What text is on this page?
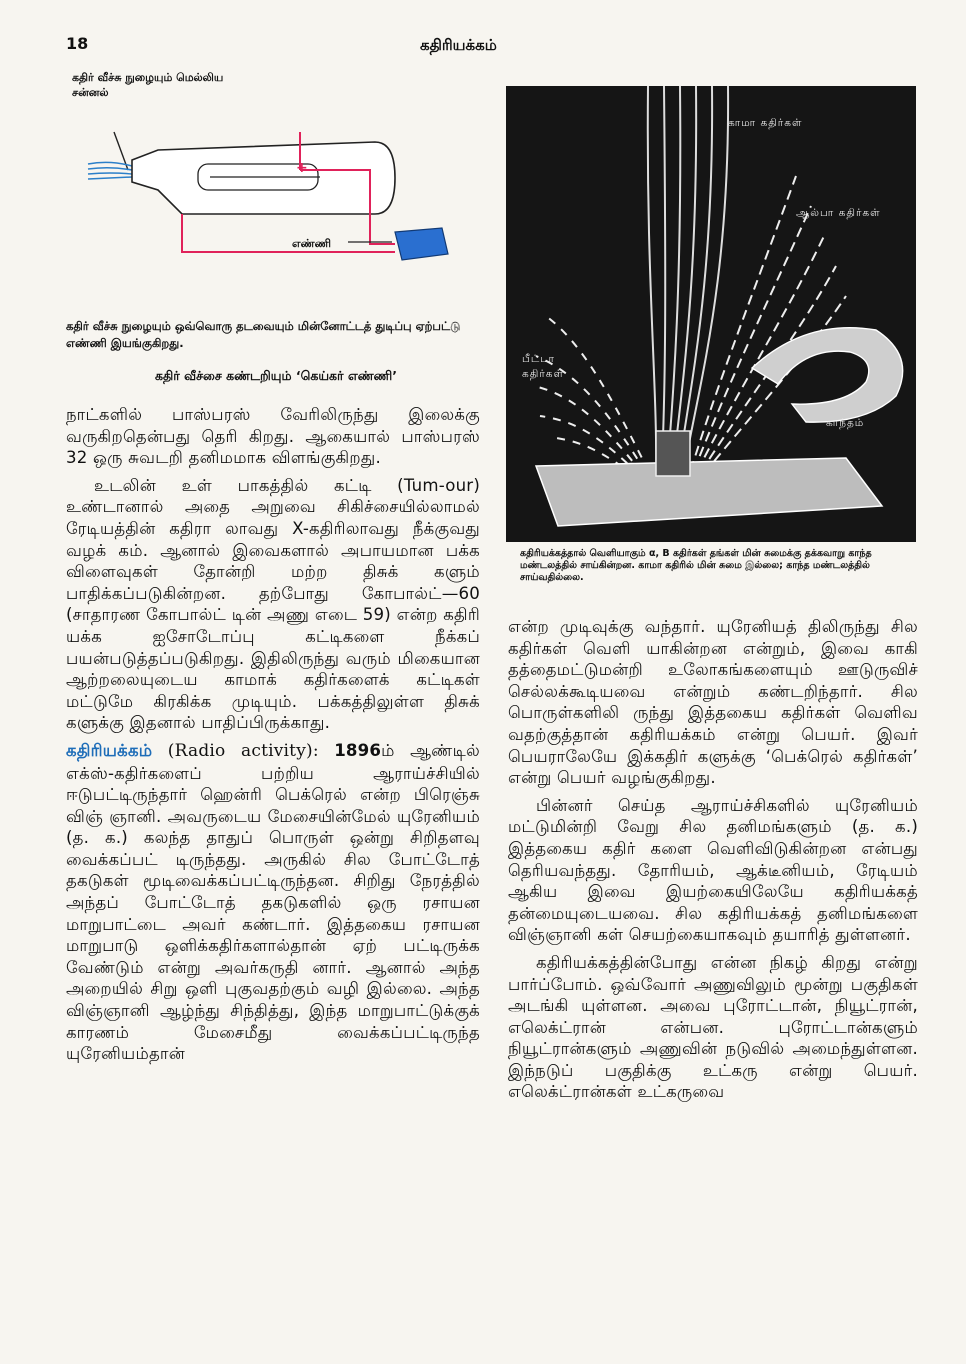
18	கதிரியக்கம்
கதிர் வீச்சு நுழையும் மெல்லிய சன்னல்
+
எண்ணி
கதிர் வீச்சு நுழையும் ஒவ்வொரு தடவையும் மின்னோட்டத் துடிப்பு ஏற்பட்டு எண்ணி இயங்குகிறது.
கதிர் வீச்சை கண்டறியும் ‘கெய்கர் எண்ணி’
காமா கதிர்கள்
ஆல்பா கதிர்கள்
பீட்டா
கதிர்கள்
காந்தம்
கதிரியக்கத்தால் வெளியாகும் α, B கதிர்கள் தங்கள் மின் சுமைக்கு தக்கவாறு காந்த மண்டலத்தில் சாய்கின்றன. காமா கதிரில் மின் சுமை இல்லை; காந்த மண்டலத்தில் சாய்வதில்லை.

நாட்களில் பாஸ்பரஸ் வேரிலிருந்து இலைக்கு வருகிறதென்பது தெரி கிறது. ஆகையால் பாஸ்பரஸ் 32 ஒரு சுவடறி தனிமமாக விளங்குகிறது.

உடலின் உள் பாகத்தில் கட்டி (Tum-our) உண்டானால் அதை அறுவை சிகிச்சையில்லாமல் ரேடியத்தின் கதிரா லாவது X-கதிரிலாவது நீக்குவது வழக் கம். ஆனால் இவைகளால் அபாயமான பக்க விளைவுகள் தோன்றி மற்ற திசுக் களும் பாதிக்கப்படுகின்றன. தற்போது கோபால்ட்—60 (சாதாரண கோபால்ட் டின் அணு எடை 59) என்ற கதிரி யக்க ஐசோடோப்பு கட்டிகளை நீக்கப் பயன்படுத்தப்படுகிறது. இதிலிருந்து வரும் மிகையான ஆற்றலையுடைய காமாக் கதிர்களைக் கட்டிகள் மட்டுமே கிரகிக்க முடியும். பக்கத்திலுள்ள திசுக் களுக்கு இதனால் பாதிப்பிருக்காது.

கதிரியக்கம் (Radio activity): 1896ம் ஆண்டில் எக்ஸ்-கதிர்களைப் பற்றிய ஆராய்ச்சியில் ஈடுபட்டிருந்தார் ஹென்ரி பெக்ரெல் என்ற பிரெஞ்சு விஞ் ஞானி. அவருடைய மேசையின்மேல் யுரேனியம் (த. க.) கலந்த தாதுப் பொருள் ஒன்று சிறிதளவு வைக்கப்பட் டிருந்தது. அருகில் சில போட்டோத் தகடுகள் மூடிவைக்கப்பட்டிருந்தன. சிறிது நேரத்தில் அந்தப் போட்டோத் தகடுகளில் ஒரு ரசாயன மாறுபாட்டை அவர் கண்டார். இத்தகைய ரசாயன மாறுபாடு ஒளிக்கதிர்களால்தான் ஏற் பட்டிருக்க வேண்டும் என்று அவர்கருதி னார். ஆனால் அந்த அறையில் சிறு ஒளி புகுவதற்கும் வழி இல்லை. அந்த விஞ்ஞானி ஆழ்ந்து சிந்தித்து, இந்த மாறுபாட்டுக்குக் காரணம் மேசைமீது வைக்கப்பட்டிருந்த யுரேனியம்தான்

என்ற முடிவுக்கு வந்தார். யுரேனியத் திலிருந்து சில கதிர்கள் வெளி யாகின்றன என்றும், இவை காகி தத்தைமட்டுமன்றி உலோகங்களையும் ஊடுருவிச் செல்லக்கூடியவை என்றும் கண்டறிந்தார். சில பொருள்களிலி ருந்து இத்தகைய கதிர்கள் வெளிவ வதற்குத்தான் கதிரியக்கம் என்று பெயர். இவர் பெயராலேயே இக்கதிர் களுக்கு ‘பெக்ரெல் கதிர்கள்’ என்று பெயர் வழங்குகிறது.

பின்னர் செய்த ஆராய்ச்சிகளில் யுரேனியம் மட்டுமின்றி வேறு சில தனிமங்களும் (த. க.) இத்தகைய கதிர் களை வெளிவிடுகின்றன என்பது தெரியவந்தது. தோரியம், ஆக்டீனியம், ரேடியம் ஆகிய இவை இயற்கையிலேயே கதிரியக்கத் தன்மையுடையவை. சில கதிரியக்கத் தனிமங்களை விஞ்ஞானி கள் செயற்கையாகவும் தயாரித் துள்ளனர்.

கதிரியக்கத்தின்போது என்ன நிகழ் கிறது என்று பார்ப்போம். ஒவ்வோர் அணுவிலும் மூன்று பகுதிகள் அடங்கி யுள்ளன. அவை புரோட்டான், நியூட்ரான், எலெக்ட்ரான் என்பன. புரோட்டான்களும் நியூட்ரான்களும் அணுவின் நடுவில் அமைந்துள்ளன. இந்நடுப் பகுதிக்கு உட்கரு என்று பெயர். எலெக்ட்ரான்கள் உட்கருவை
